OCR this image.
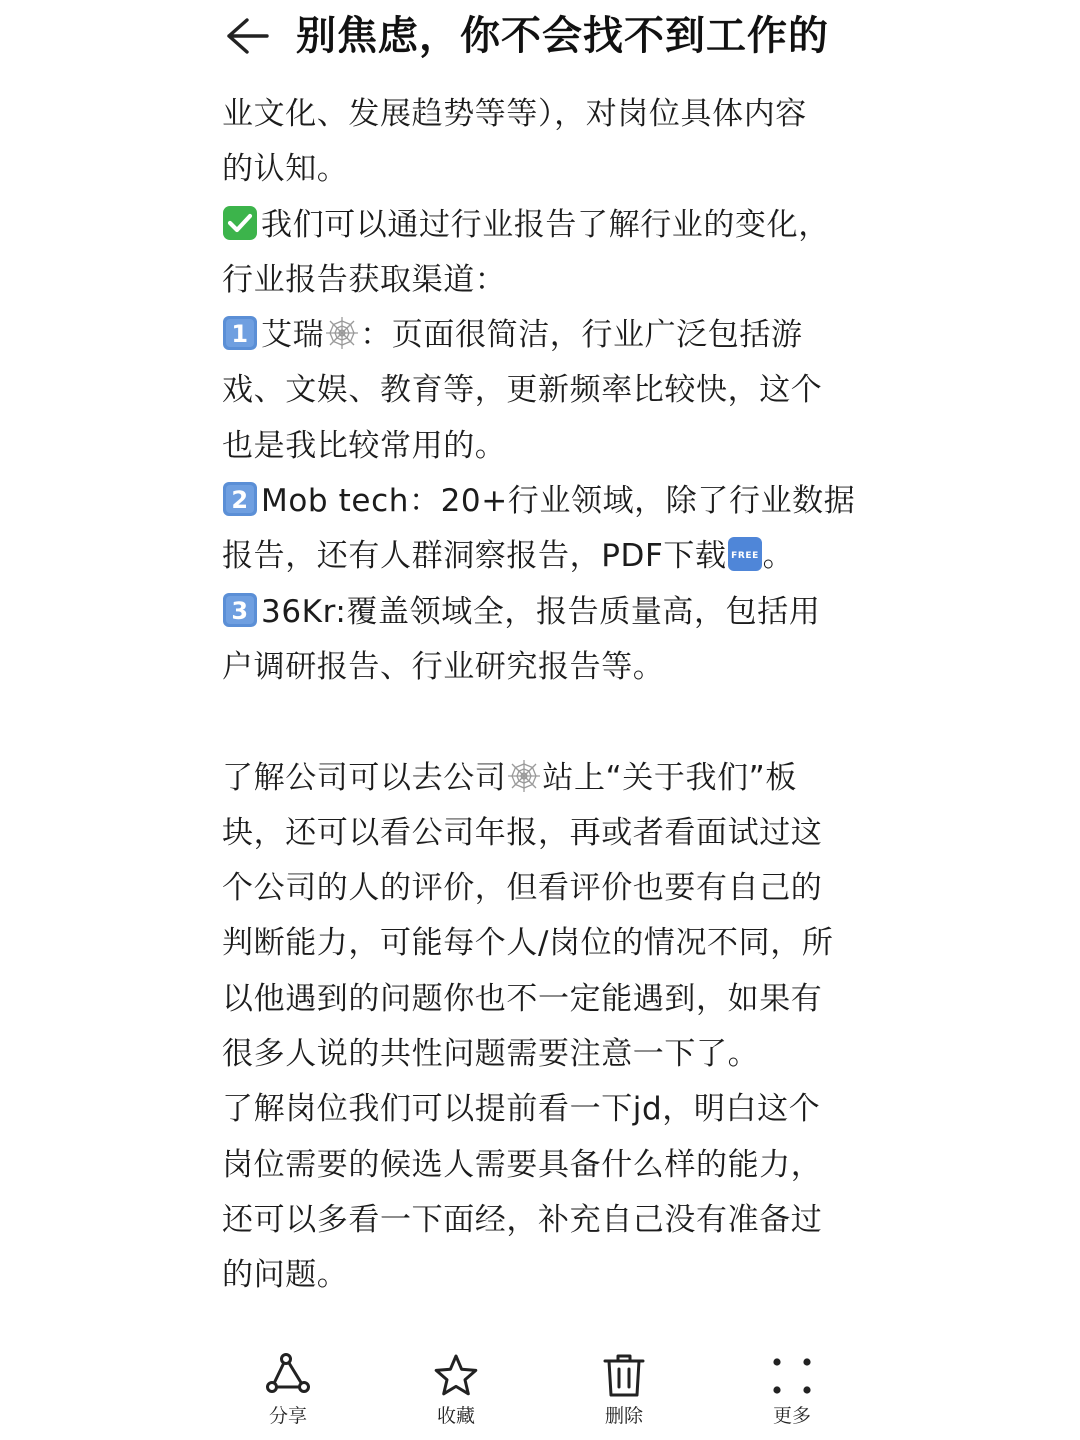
别焦虑，你不会找不到工作的
业文化、发展趋势等等），对岗位具体内容
的认知。
我们可以通过行业报告了解行业的变化，
行业报告获取渠道：
1 艾瑞 ：页面很简洁，行业广泛包括游
戏、文娱、教育等，更新频率比较快，这个
也是我比较常用的。
2 Mob tech：20+行业领域，除了行业数据
报告，还有人群洞察报告，PDF下载 FREE 。
3 36Kr:覆盖领域全，报告质量高，包括用
户调研报告、行业研究报告等。
了解公司可以去公司 站上“关于我们”板
块，还可以看公司年报，再或者看面试过这
个公司的人的评价，但看评价也要有自己的
判断能力，可能每个人/岗位的情况不同，所
以他遇到的问题你也不一定能遇到，如果有
很多人说的共性问题需要注意一下了。
了解岗位我们可以提前看一下jd，明白这个
岗位需要的候选人需要具备什么样的能力，
还可以多看一下面经，补充自己没有准备过
的问题。
分享	收藏	删除	更多
